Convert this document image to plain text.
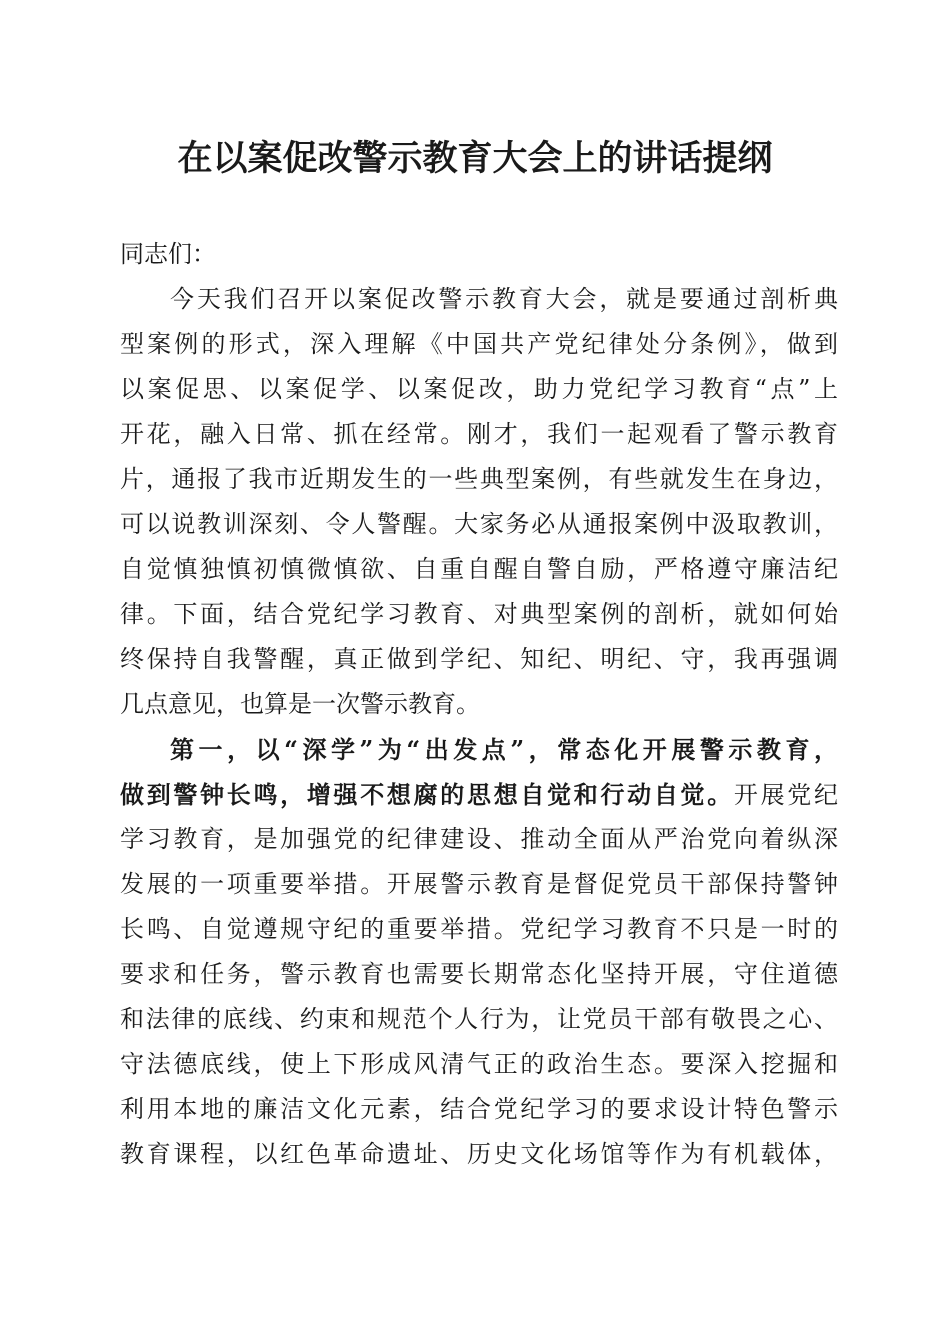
在以案促改警示教育大会上的讲话提纲
同志们：
今天我们召开以案促改警示教育大会，就是要通过剖析典
型案例的形式，深入理解《中国共产党纪律处分条例》，做到
以案促思、以案促学、以案促改，助力党纪学习教育“点”上
开花，融入日常、抓在经常。刚才，我们一起观看了警示教育
片，通报了我市近期发生的一些典型案例，有些就发生在身边，
可以说教训深刻、令人警醒。大家务必从通报案例中汲取教训，
自觉慎独慎初慎微慎欲、自重自醒自警自励，严格遵守廉洁纪
律。下面，结合党纪学习教育、对典型案例的剖析，就如何始
终保持自我警醒，真正做到学纪、知纪、明纪、守，我再强调
几点意见，也算是一次警示教育。
第一，以“深学”为“出发点”，常态化开展警示教育，
做到警钟长鸣，增强不想腐的思想自觉和行动自觉。开展党纪
学习教育，是加强党的纪律建设、推动全面从严治党向着纵深
发展的一项重要举措。开展警示教育是督促党员干部保持警钟
长鸣、自觉遵规守纪的重要举措。党纪学习教育不只是一时的
要求和任务，警示教育也需要长期常态化坚持开展，守住道德
和法律的底线、约束和规范个人行为，让党员干部有敬畏之心、
守法德底线，使上下形成风清气正的政治生态。要深入挖掘和
利用本地的廉洁文化元素，结合党纪学习的要求设计特色警示
教育课程，以红色革命遗址、历史文化场馆等作为有机载体，
